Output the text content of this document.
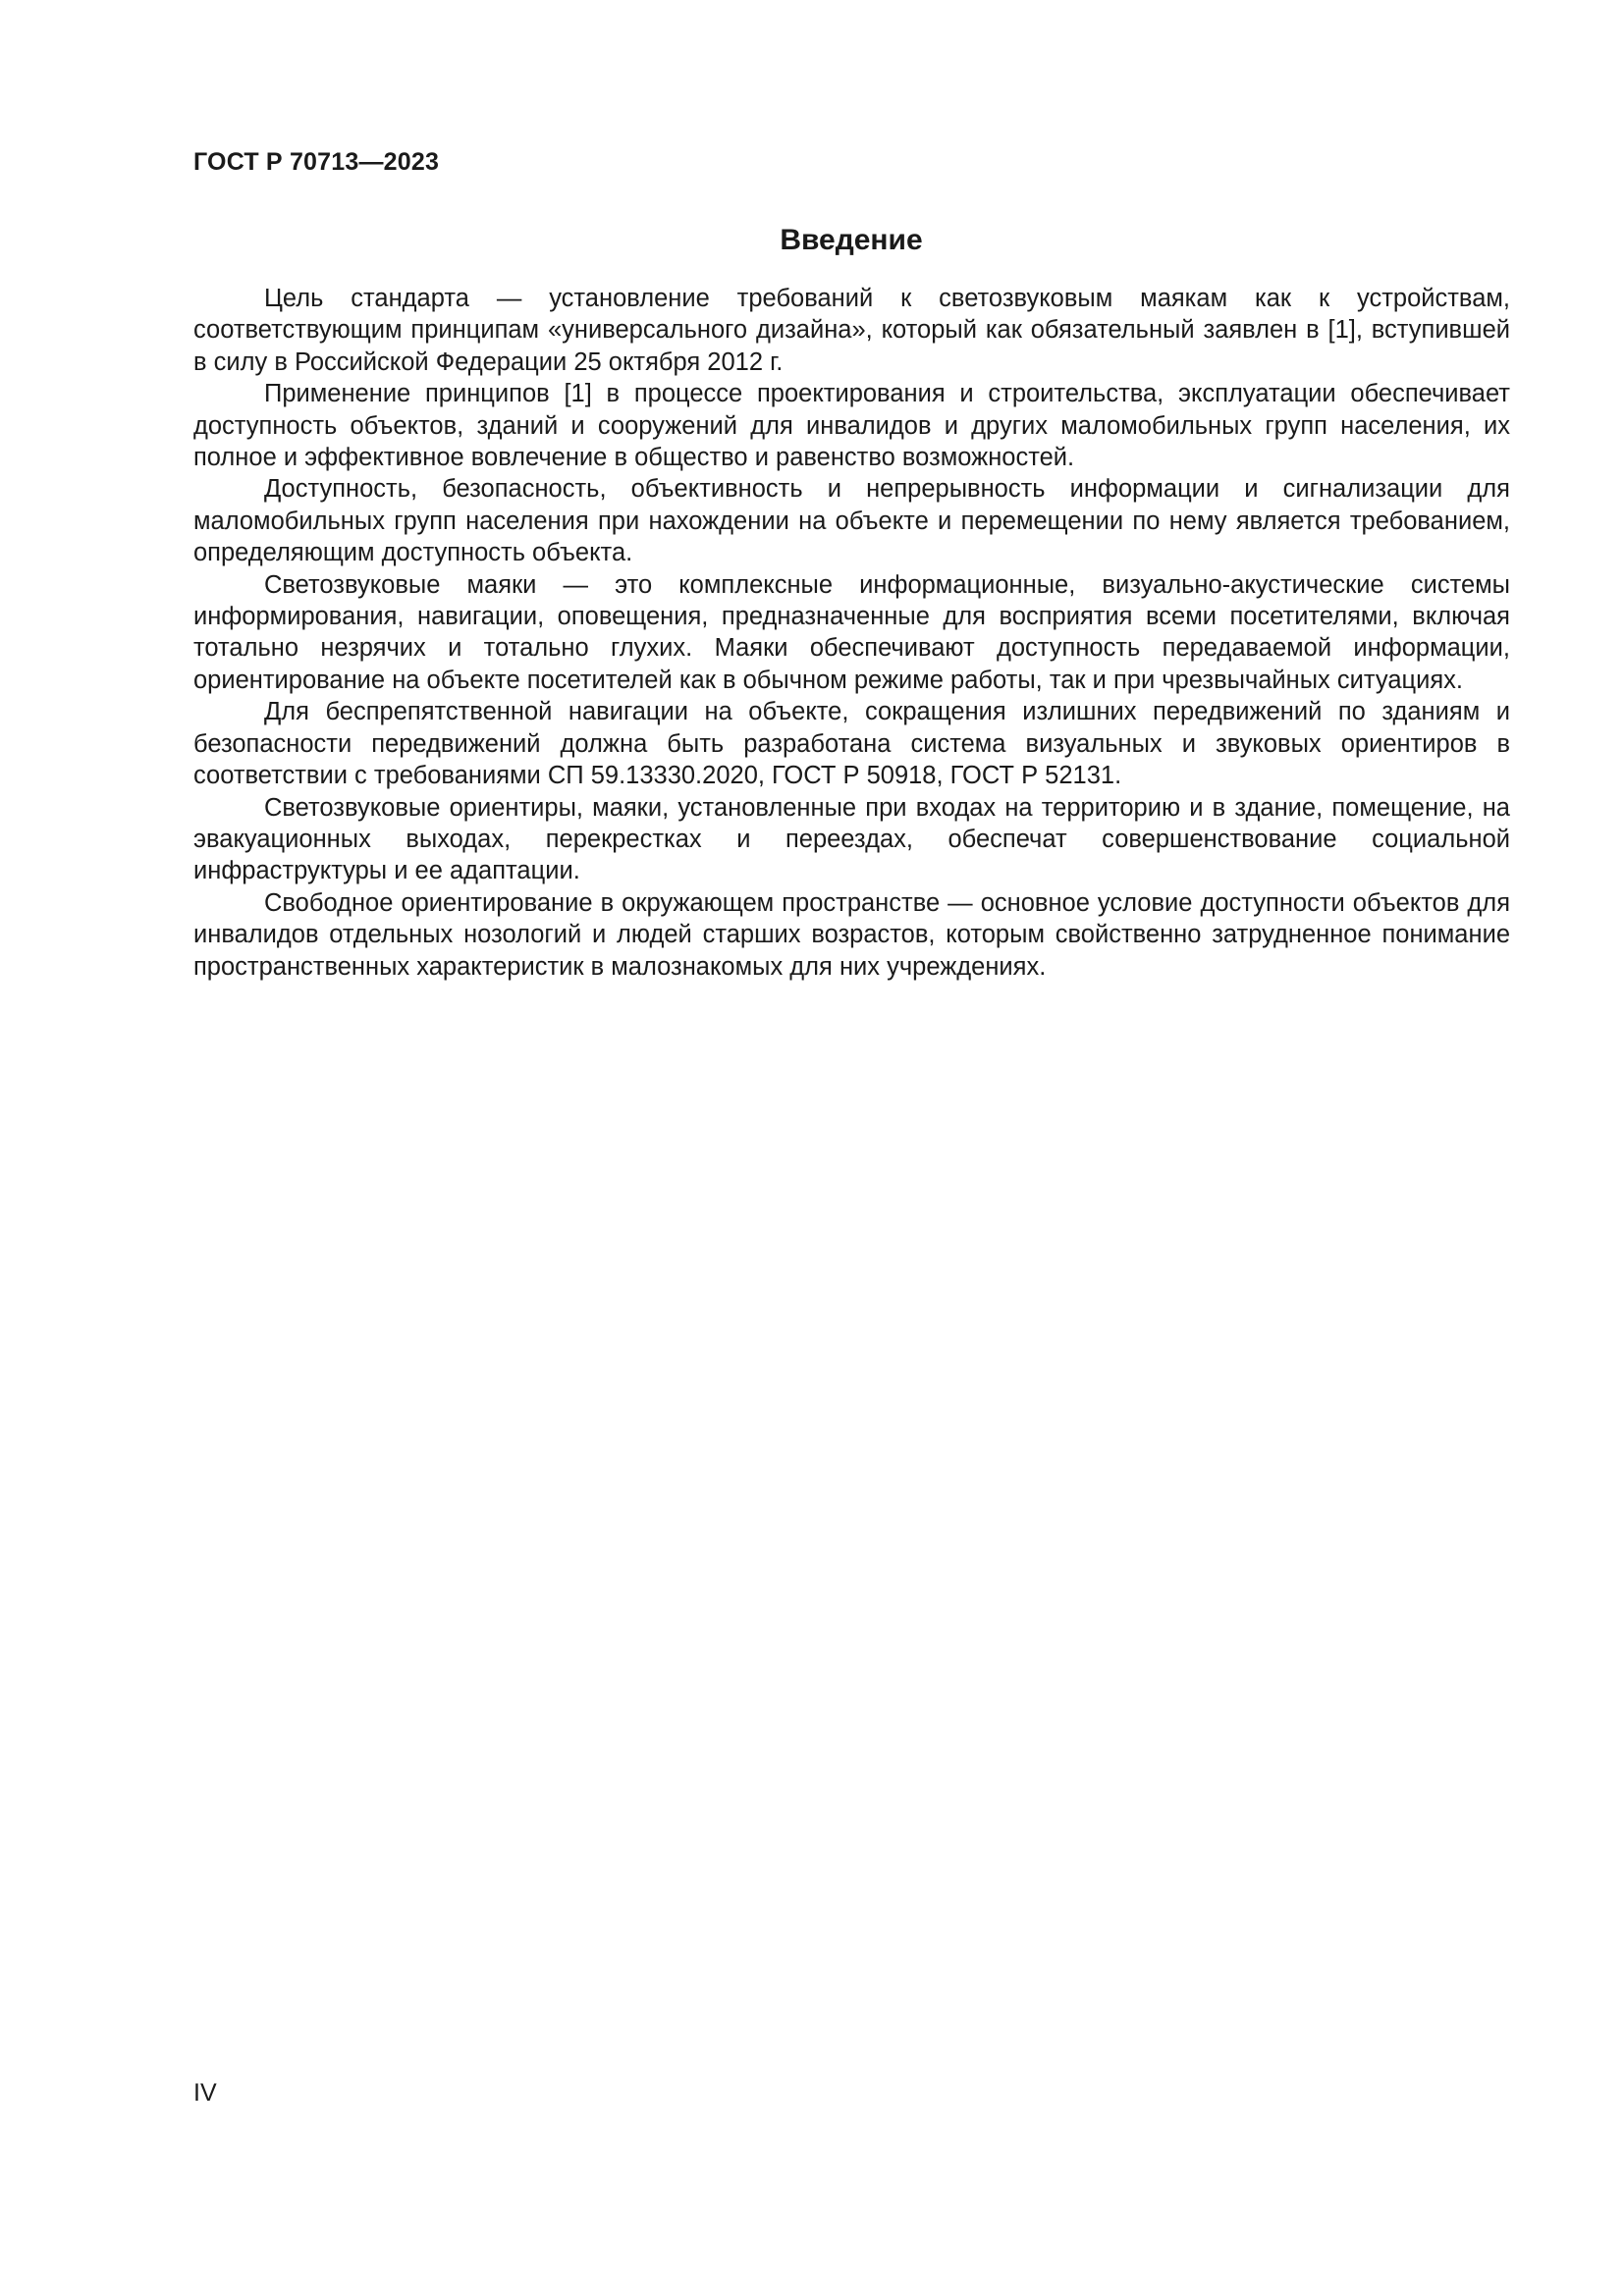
ГОСТ Р 70713—2023
Введение

Цель стандарта — установление требований к светозвуковым маякам как к устройствам, соответствующим принципам «универсального дизайна», который как обязательный заявлен в [1], вступившей в силу в Российской Федерации 25 октября 2012 г.

Применение принципов [1] в процессе проектирования и строительства, эксплуатации обеспечивает доступность объектов, зданий и сооружений для инвалидов и других маломобильных групп населения, их полное и эффективное вовлечение в общество и равенство возможностей.

Доступность, безопасность, объективность и непрерывность информации и сигнализации для маломобильных групп населения при нахождении на объекте и перемещении по нему является требованием, определяющим доступность объекта.

Светозвуковые маяки — это комплексные информационные, визуально-акустические системы информирования, навигации, оповещения, предназначенные для восприятия всеми посетителями, включая тотально незрячих и тотально глухих. Маяки обеспечивают доступность передаваемой информации, ориентирование на объекте посетителей как в обычном режиме работы, так и при чрезвычайных ситуациях.

Для беспрепятственной навигации на объекте, сокращения излишних передвижений по зданиям и безопасности передвижений должна быть разработана система визуальных и звуковых ориентиров в соответствии с требованиями СП 59.13330.2020, ГОСТ Р 50918, ГОСТ Р 52131.

Светозвуковые ориентиры, маяки, установленные при входах на территорию и в здание, помещение, на эвакуационных выходах, перекрестках и переездах, обеспечат совершенствование социальной инфраструктуры и ее адаптации.

Свободное ориентирование в окружающем пространстве — основное условие доступности объектов для инвалидов отдельных нозологий и людей старших возрастов, которым свойственно затрудненное понимание пространственных характеристик в малознакомых для них учреждениях.

IV
